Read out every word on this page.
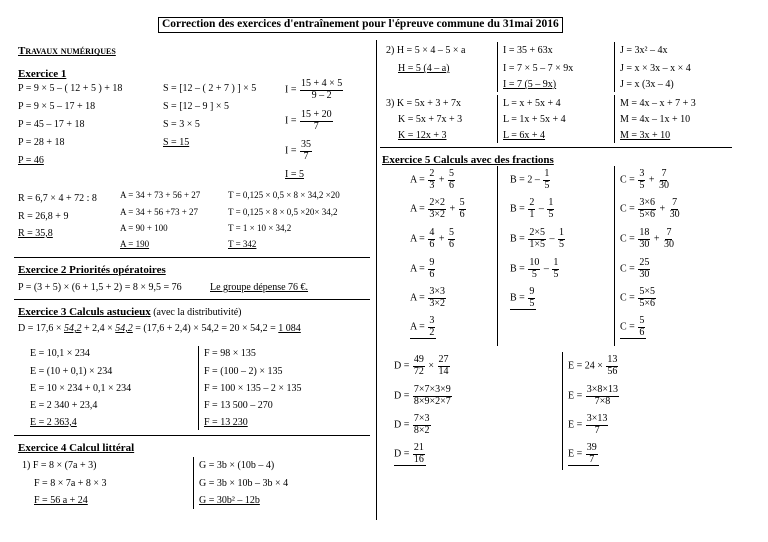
Correction des exercices d'entraînement pour l'épreuve commune du 31mai 2016
Travaux numériques
Exercice 1
P = 9 × 5 – ( 12 + 5 ) + 18
P = 9 × 5 – 17 + 18
P = 45 – 17 + 18
P = 28 + 18
P = 46
S = [12 – ( 2 + 7 ) ] × 5
S = [12 – 9 ] × 5
S = 3 × 5
S = 15
$I = \frac{15 + 4 \times 5}{9 - 2}$
$I = \frac{15 + 20}{7}$
$I = \frac{35}{7}$
I = 5
R = 6,7 × 4 + 72 : 8
R = 26,8 + 9
R = 35,8
A = 34 + 73 + 56 + 27
A = 34 + 56 +73 + 27
A = 90 + 100
A = 190
T = 0,125 × 0,5 × 8 × 34,2 ×20
T = 0,125 × 8 × 0,5 ×20× 34,2
T = 1 × 10 × 34,2
T = 342
Exercice 2 Priorités opératoires
P = (3 + 5) × (6 + 1,5 + 2) = 8 × 9,5 = 76	Le groupe dépense 76 €.
Exercice 3 Calculs astucieux (avec la distributivité)
D = 17,6 × 54,2 + 2,4 × 54,2 = (17,6 + 2,4) × 54,2 = 20 × 54,2 = 1 084
E = 10,1 × 234
E = (10 + 0,1) × 234
E = 10 × 234 + 0,1 × 234
E = 2 340 + 23,4
E = 2 363,4
F = 98 × 135
F = (100 – 2) × 135
F = 100 × 135 – 2 × 135
F = 13 500 – 270
F = 13 230
Exercice 4 Calcul littéral
1) F = 8 × (7a + 3)
F = 8 × 7a + 8 × 3
F = 56 a + 24
G = 3b × (10b – 4)
G = 3b × 10b – 3b × 4
G = 30b² – 12b
2) H = 5 × 4 – 5 × a
H = 5 (4 – a)
I = 35 + 63x
I = 7 × 5 – 7 × 9x
I = 7 (5 – 9x)
J = 3x² – 4x
J = x × 3x – x × 4
J = x (3x – 4)
3) K = 5x + 3 + 7x
K = 5x + 7x + 3
K = 12x + 3
L = x + 5x + 4
L = 1x + 5x + 4
L = 6x + 4
M = 4x – x + 7 + 3
M = 4x – 1x + 10
M = 3x + 10
Exercice 5 Calculs avec des fractions
$A = \frac{2}{3} + \frac{5}{6}$
$A = \frac{2\times 2}{3\times 2} + \frac{5}{6}$
$A = \frac{4}{6} + \frac{5}{6}$
$A = \frac{9}{6}$
$A = \frac{3\times 3}{3\times 2}$
$A = \frac{3}{2}$
$B = 2 - \frac{1}{5}$
$B = \frac{2}{1} - \frac{1}{5}$
$B = \frac{2\times 5}{1\times 5} - \frac{1}{5}$
$B = \frac{10}{5} - \frac{1}{5}$
$B = \frac{9}{5}$
$C = \frac{3}{5} + \frac{7}{30}$
$C = \frac{3\times 6}{5\times 6} + \frac{7}{30}$
$C = \frac{18}{30} + \frac{7}{30}$
$C = \frac{25}{30}$
$C = \frac{5\times 5}{5\times 6}$
$C = \frac{5}{6}$
$D = \frac{49}{72} \times \frac{27}{14}$
$D = \frac{7\times 7\times 3\times 9}{8\times 9\times 2\times 7}$
$D = \frac{7\times 3}{8\times 2}$
$D = \frac{21}{16}$
$E = 24 \times \frac{13}{56}$
$E = \frac{3\times 8\times 13}{7\times 8}$
$E = \frac{3\times 13}{7}$
$E = \frac{39}{7}$
